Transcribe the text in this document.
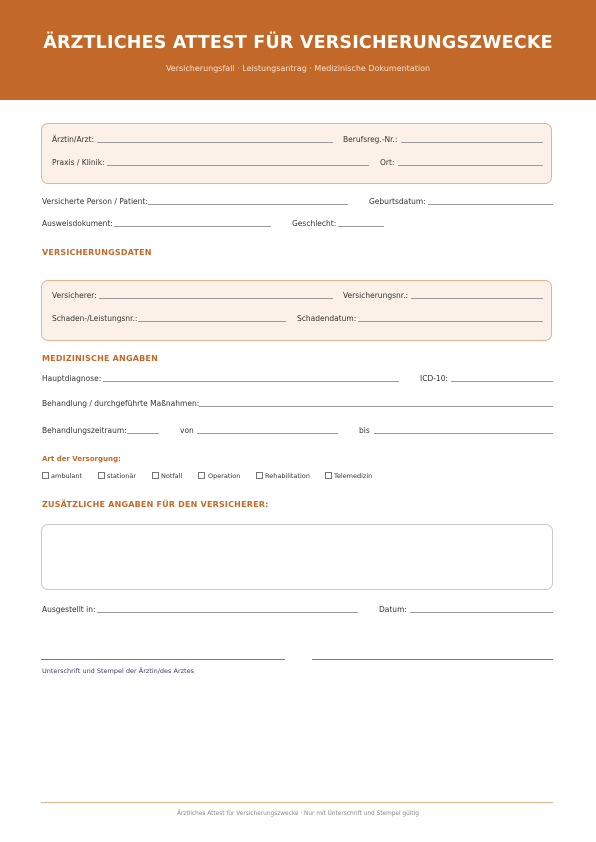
ÄRZTLICHES ATTEST FÜR VERSICHERUNGSZWECKE
Versicherungsfall · Leistungsantrag · Medizinische Dokumentation
Ärztin/Arzt:	Berufsreg.-Nr.:
Praxis / Klinik:	Ort:
Versicherte Person / Patient:	Geburtsdatum:
Ausweisdokument:	Geschlecht:
VERSICHERUNGSDATEN
Versicherer:	Versicherungsnr.:
Schaden-/Leistungsnr.:	Schadendatum:
MEDIZINISCHE ANGABEN
Hauptdiagnose:	ICD-10:
Behandlung / durchgeführte Maßnahmen:
Behandlungszeitraum:	von	bis
Art der Versorgung:
ambulant	stationär	Notfall	Operation	Rehabilitation	Telemedizin
ZUSÄTZLICHE ANGABEN FÜR DEN VERSICHERER:
Ausgestellt in:	Datum:
Unterschrift und Stempel der Ärztin/des Arztes
Ärztliches Attest für Versicherungszwecke · Nur mit Unterschrift und Stempel gültig
